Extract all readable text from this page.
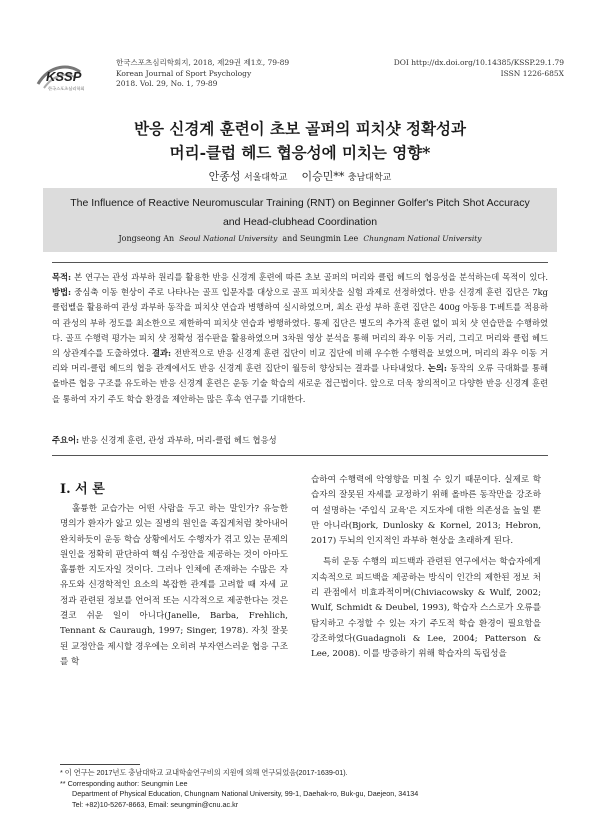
KSSP
한국스포츠심리학회
한국스포츠심리학회지, 2018, 제29권 제1호, 79-89
Korean Journal of Sport Psychology
2018. Vol. 29, No. 1, 79-89
DOI http://dx.doi.org/10.14385/KSSP.29.1.79
ISSN 1226-685X
반응 신경계 훈련이 초보 골퍼의 피치샷 정확성과
머리-클럽 헤드 협응성에 미치는 영향*
안종성 서울대학교 이승민** 충남대학교
The Influence of Reactive Neuromuscular Training (RNT) on Beginner Golfer's Pitch Shot Accuracy
and Head-clubhead Coordination
Jongseong An Seoul National University and Seungmin Lee Chungnam National University
목적: 본 연구는 관성 과부하 원리를 활용한 반응 신경계 훈련에 따른 초보 골퍼의 머리와 클럽 헤드의 협응성을 분석하는데 목적이 있다. 방법: 중심축 이동 현상이 주로 나타나는 골프 입문자를 대상으로 골프 피치샷을 실험 과제로 선정하였다. 반응 신경계 훈련 집단은 7kg 클럽벨을 활용하여 관성 과부하 동작을 피치샷 연습과 병행하여 실시하였으며, 최소 관성 부하 훈련 집단은 400g 아동용 T-베트를 적용하여 관성의 부하 정도를 최소한으로 제한하여 피치샷 연습과 병행하였다. 통제 집단은 별도의 추가적 훈련 없이 피치 샷 연습만을 수행하였다. 골프 수행력 평가는 피치 샷 정확성 점수판을 활용하였으며 3차원 영상 분석을 통해 머리의 좌우 이동 거리, 그리고 머리와 클럽 헤드의 상관계수를 도출하였다. 결과: 전반적으로 반응 신경계 훈련 집단이 비교 집단에 비해 우수한 수행력을 보였으며, 머리의 좌우 이동 거리와 머리-클럽 헤드의 협응 관계에서도 반응 신경계 훈련 집단이 월등히 향상되는 결과를 나타내었다. 논의: 동작의 오류 극대화를 통해 올바른 협응 구조를 유도하는 반응 신경계 훈련은 운동 기술 학습의 새로운 접근법이다. 앞으로 더욱 창의적이고 다양한 반응 신경계 훈련을 통하여 자기 주도 학습 환경을 제안하는 많은 후속 연구를 기대한다.
주요어: 반응 신경계 훈련, 관성 과부하, 머리-클럽 헤드 협응성
I. 서 론
훌륭한 교습가는 어떤 사람을 두고 하는 말인가? 유능한 명의가 환자가 앓고 있는 질병의 원인을 족집게처럼 찾아내어 완치하듯이 운동 학습 상황에서도 수행자가 겪고 있는 문제의 원인을 정확히 판단하여 핵심 수정안을 제공하는 것이 아마도 훌륭한 지도자일 것이다. 그러나 인체에 존재하는 수많은 자유도와 신경학적인 요소의 복잡한 관계를 고려할 때 자세 교정과 관련된 정보를 언어적 또는 시각적으로 제공한다는 것은 결코 쉬운 일이 아니다(Janelle, Barba, Frehlich, Tennant & Cauraugh, 1997; Singer, 1978). 자칫 잘못된 교정안을 제시할 경우에는 오히려 부자연스러운 협응 구조를 학
습하여 수행력에 악영향을 미칠 수 있기 때문이다. 실제로 학습자의 잘못된 자세를 교정하기 위해 올바른 동작만을 강조하여 설명하는 '주입식 교육'은 지도자에 대한 의존성을 높일 뿐만 아니라(Bjork, Dunlosky & Kornel, 2013; Hebron, 2017) 두뇌의 인지적인 과부하 현상을 초래하게 된다.
특히 운동 수행의 피드백과 관련된 연구에서는 학습자에게 지속적으로 피드백을 제공하는 방식이 인간의 제한된 정보 처리 관점에서 비효과적이며(Chiviacowsky & Wulf, 2002; Wulf, Schmidt & Deubel, 1993), 학습자 스스로가 오류를 탐지하고 수정할 수 있는 자기 주도적 학습 환경이 필요함을 강조하였다(Guadagnoli & Lee, 2004; Patterson & Lee, 2008). 이를 방증하기 위해 학습자의 독립성을
* 이 연구는 2017년도 충남대학교 교내학술연구비의 지원에 의해 연구되었음(2017-1639-01).
** Corresponding author: Seungmin Lee
Department of Physical Education, Chungnam National University, 99-1, Daehak-ro, Buk-gu, Daejeon, 34134
Tel: +82)10-5267-8663, Email: seungmin@cnu.ac.kr
